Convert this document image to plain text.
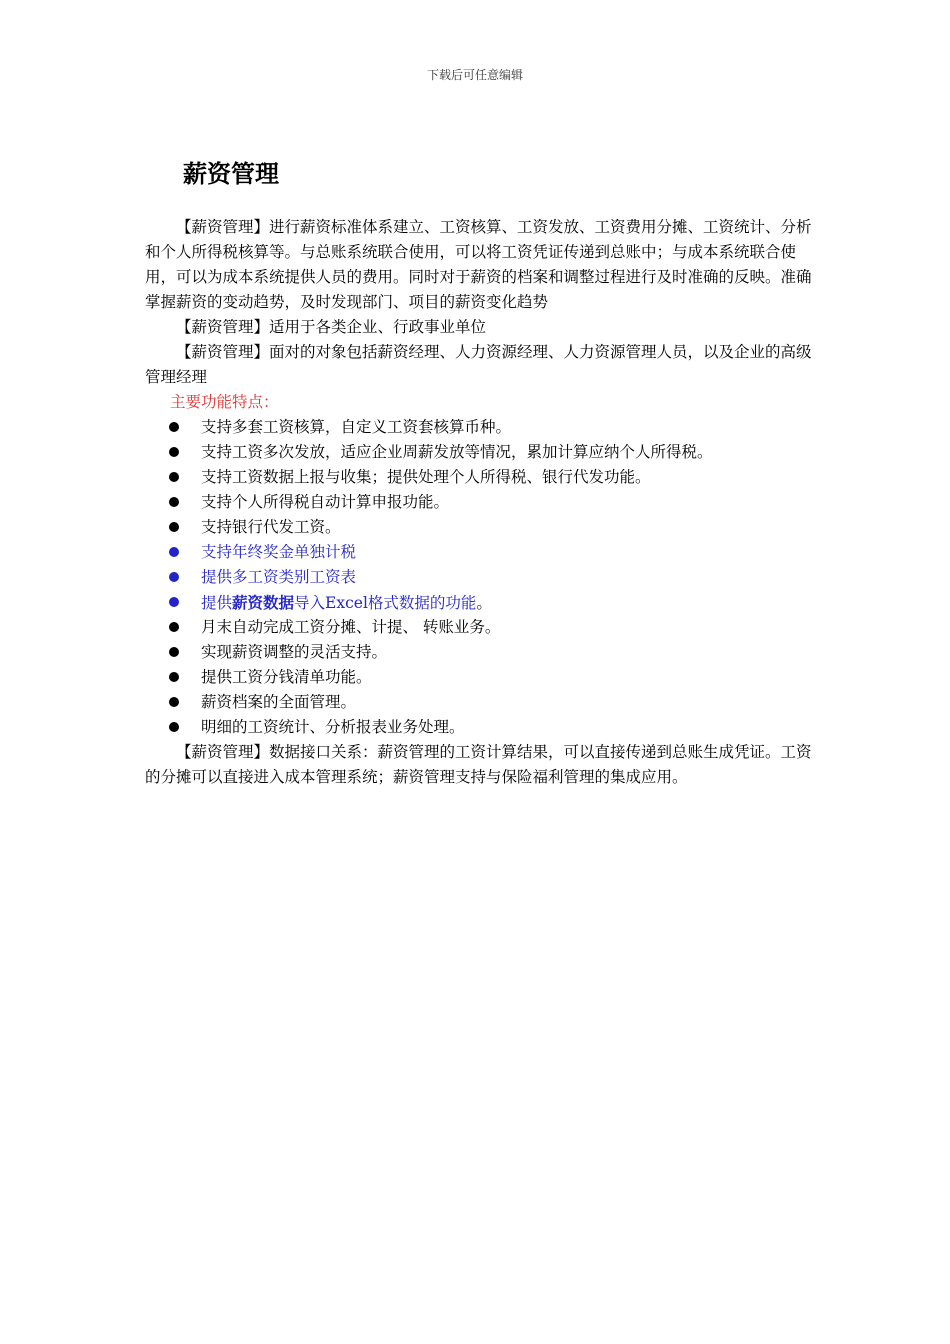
下载后可任意编辑
薪资管理

【薪资管理】进行薪资标准体系建立、工资核算、工资发放、工资费用分摊、工资统计、分析和个人所得税核算等。与总账系统联合使用，可以将工资凭证传递到总账中；与成本系统联合使用，可以为成本系统提供人员的费用。同时对于薪资的档案和调整过程进行及时准确的反映。准确掌握薪资的变动趋势，及时发现部门、项目的薪资变化趋势

【薪资管理】适用于各类企业、行政事业单位

【薪资管理】面对的对象包括薪资经理、人力资源经理、人力资源管理人员，以及企业的高级管理经理

主要功能特点：

支持多套工资核算，自定义工资套核算币种。
支持工资多次发放，适应企业周薪发放等情况，累加计算应纳个人所得税。
支持工资数据上报与收集；提供处理个人所得税、银行代发功能。
支持个人所得税自动计算申报功能。
支持银行代发工资。
支持年终奖金单独计税
提供多工资类别工资表
提供薪资数据导入Excel格式数据的功能。
月末自动完成工资分摊、计提、 转账业务。
实现薪资调整的灵活支持。
提供工资分钱清单功能。
薪资档案的全面管理。
明细的工资统计、分析报表业务处理。

【薪资管理】数据接口关系：薪资管理的工资计算结果，可以直接传递到总账生成凭证。工资的分摊可以直接进入成本管理系统；薪资管理支持与保险福利管理的集成应用。
